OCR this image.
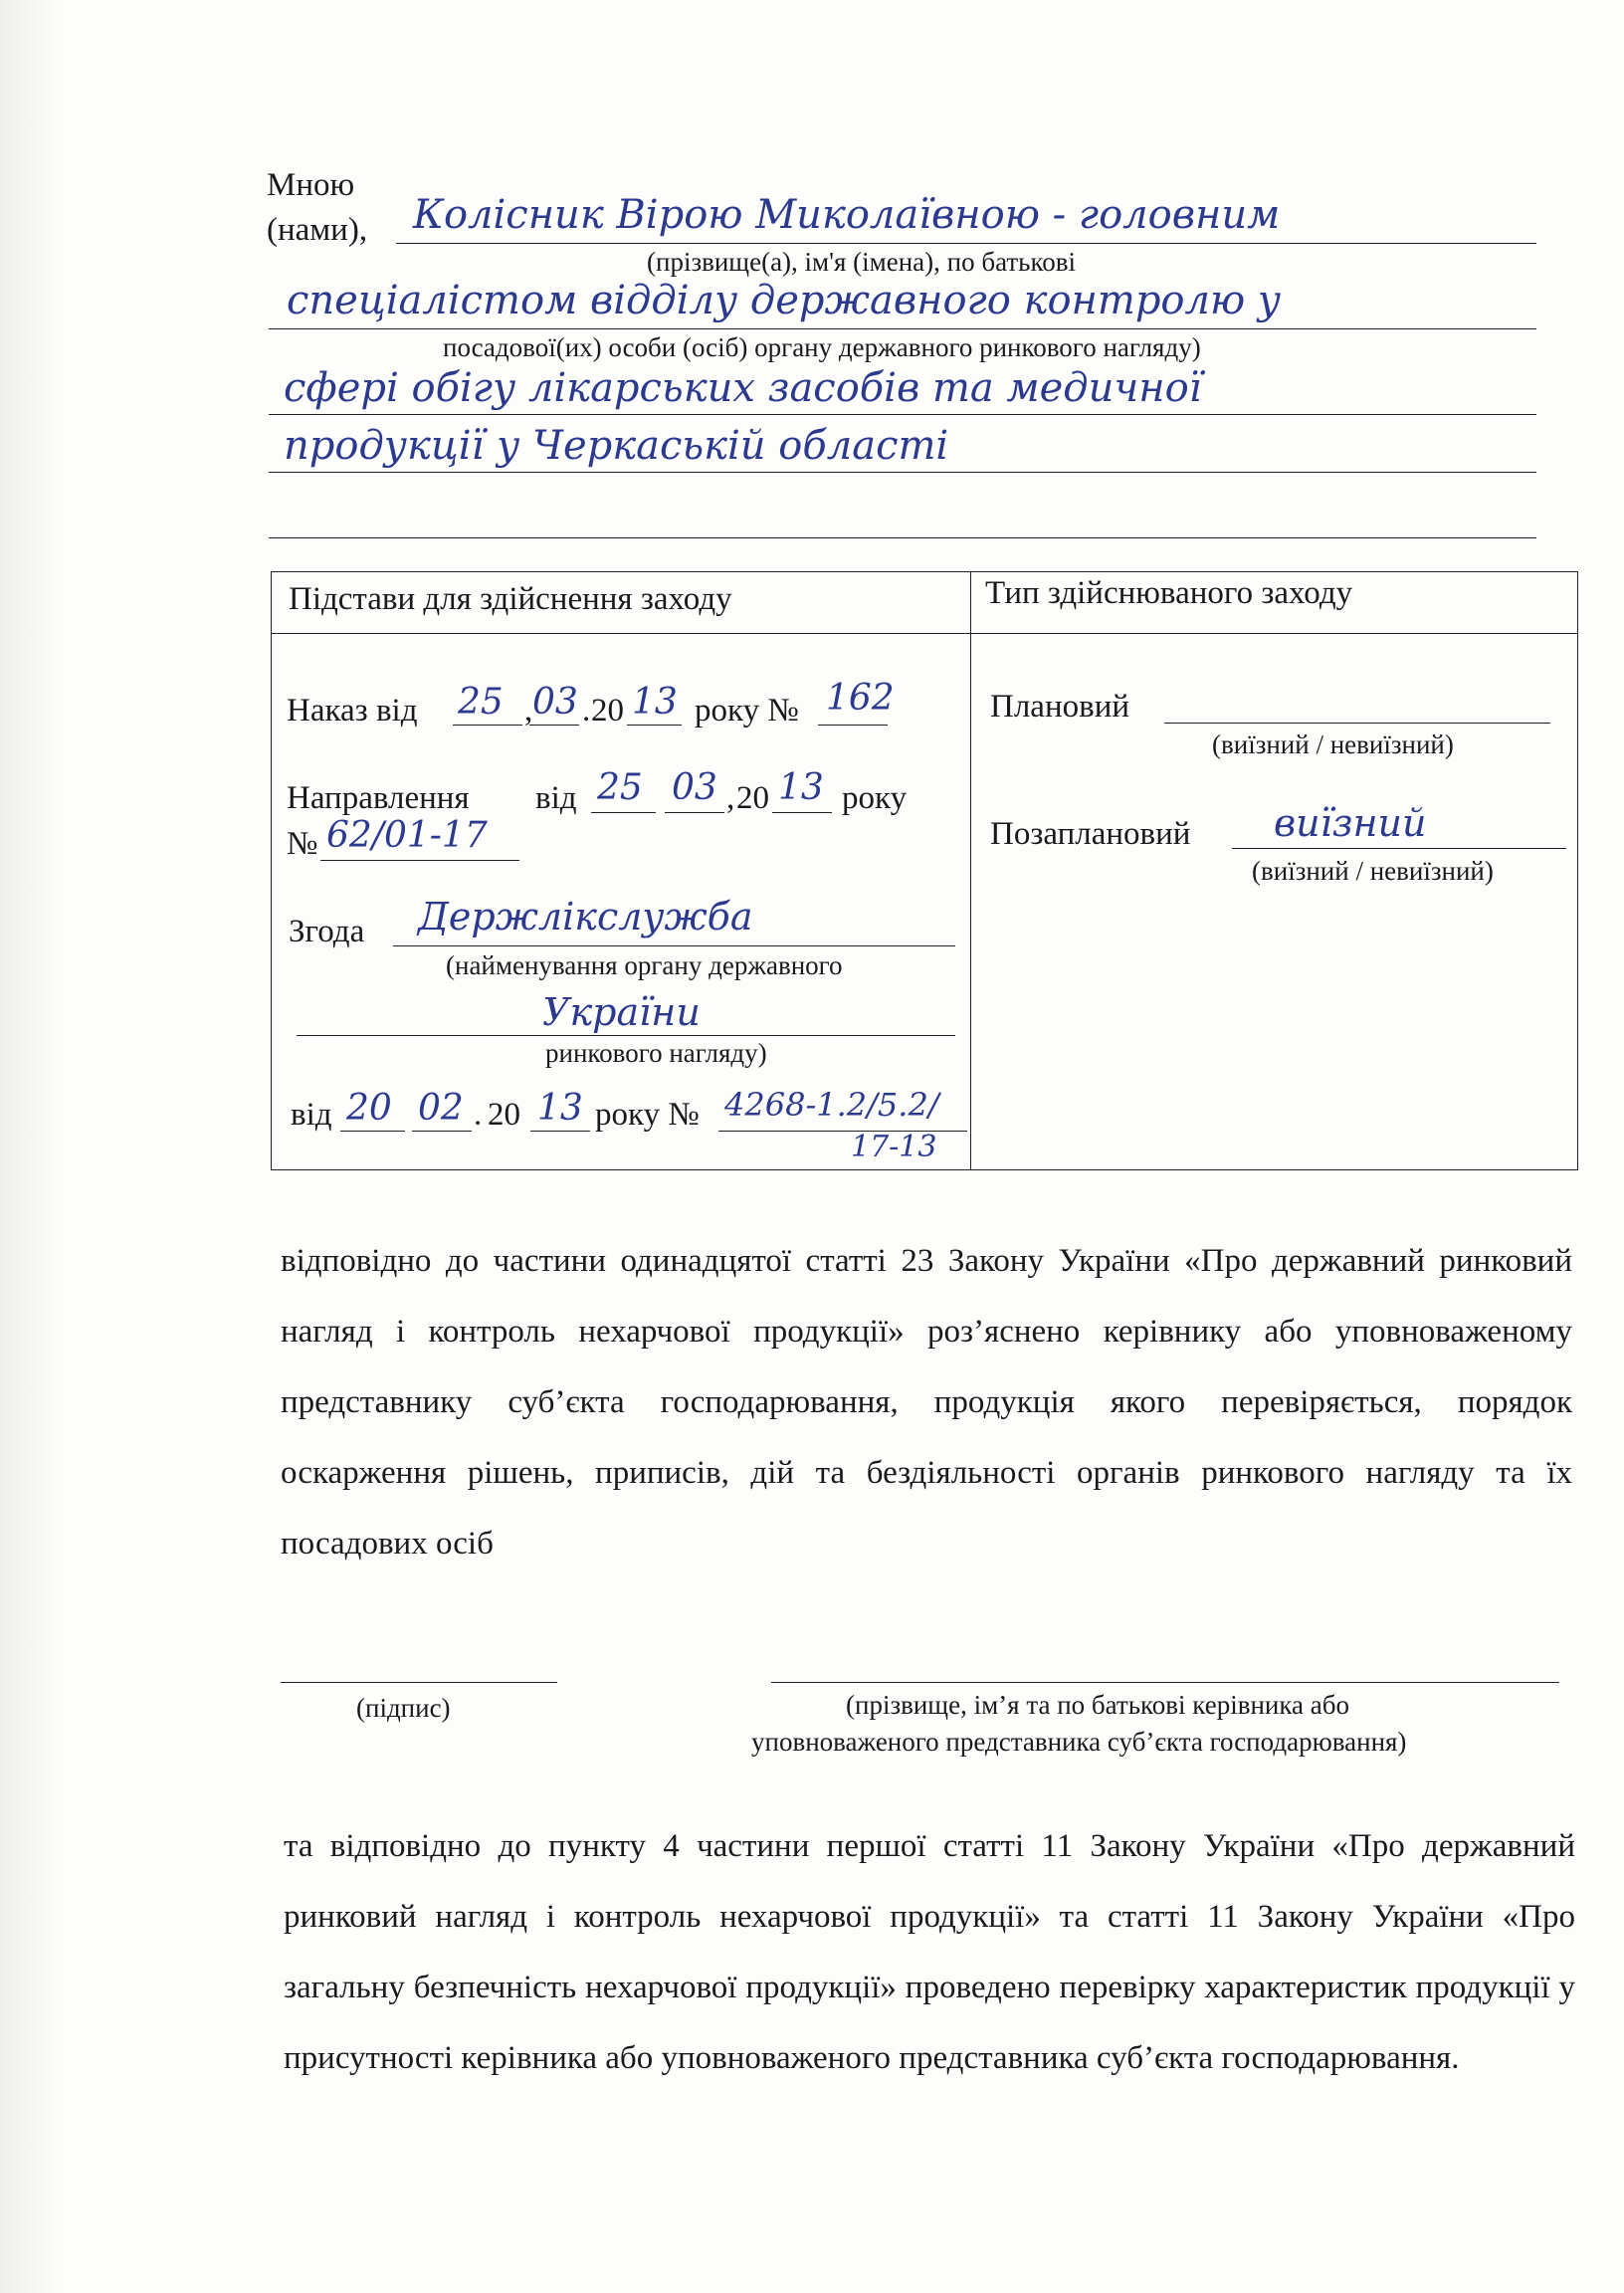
Мною
(нами), Колісник Вірою Миколаївною - головним
(прізвище(а), ім'я (імена), по батькові
спеціалістом відділу державного контролю у
посадової(их) особи (осіб) органу державного ринкового нагляду)
сфері обігу лікарських засобів та медичної
продукції у Черкаській області
Підстави для здійснення заходу	Тип здійснюваного заходу
Наказ від 25 , 03 . 20 13 року № 162
Направлення від 25 03 , 20 13 року
№ 62/01-17
Згода Держлікслужба
(найменування органу державного
України
ринкового нагляду)
від 20 02 . 20 13 року № 4268-1.2/5.2/
17-13
Плановий
(виїзний / невиїзний)
Позаплановий виїзний
(виїзний / невиїзний)
відповідно до частини одинадцятої статті 23 Закону України «Про державний ринковий нагляд і контроль нехарчової продукції» роз’яснено керівнику або уповноваженому представнику суб’єкта господарювання, продукція якого перевіряється, порядок оскарження рішень, приписів, дій та бездіяльності органів ринкового нагляду та їх посадових осіб
(підпис)	(прізвище, ім’я та по батькові керівника або
уповноваженого представника суб’єкта господарювання)
та відповідно до пункту 4 частини першої статті 11 Закону України «Про державний ринковий нагляд і контроль нехарчової продукції» та статті 11 Закону України «Про загальну безпечність нехарчової продукції» проведено перевірку характеристик продукції у присутності керівника або уповноваженого представника суб’єкта господарювання.
